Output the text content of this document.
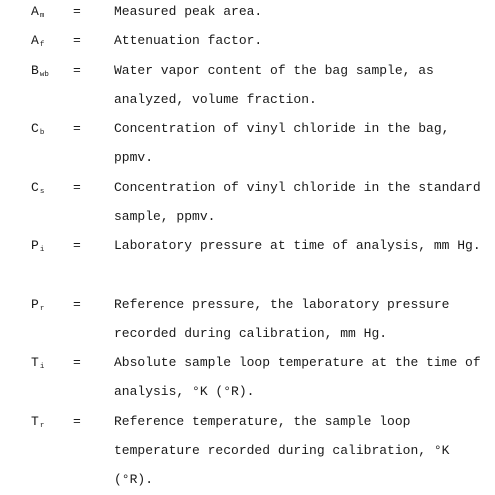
$A_m$ =	Measured peak area.

$A_f$ =	Attenuation factor.

$B_{wb}$ =	Water vapor content of the bag sample, as analyzed, volume fraction.

$C_b$ =	Concentration of vinyl chloride in the bag, ppmv.

$C_s$ =	Concentration of vinyl chloride in the standard sample, ppmv.

$P_i$ =	Laboratory pressure at time of analysis, mm Hg.

$P_r$ =	Reference pressure, the laboratory pressure recorded during calibration, mm Hg.

$T_i$ =	Absolute sample loop temperature at the time of analysis, °K (°R).

$T_r$ =	Reference temperature, the sample loop temperature recorded during calibration, °K (°R).
